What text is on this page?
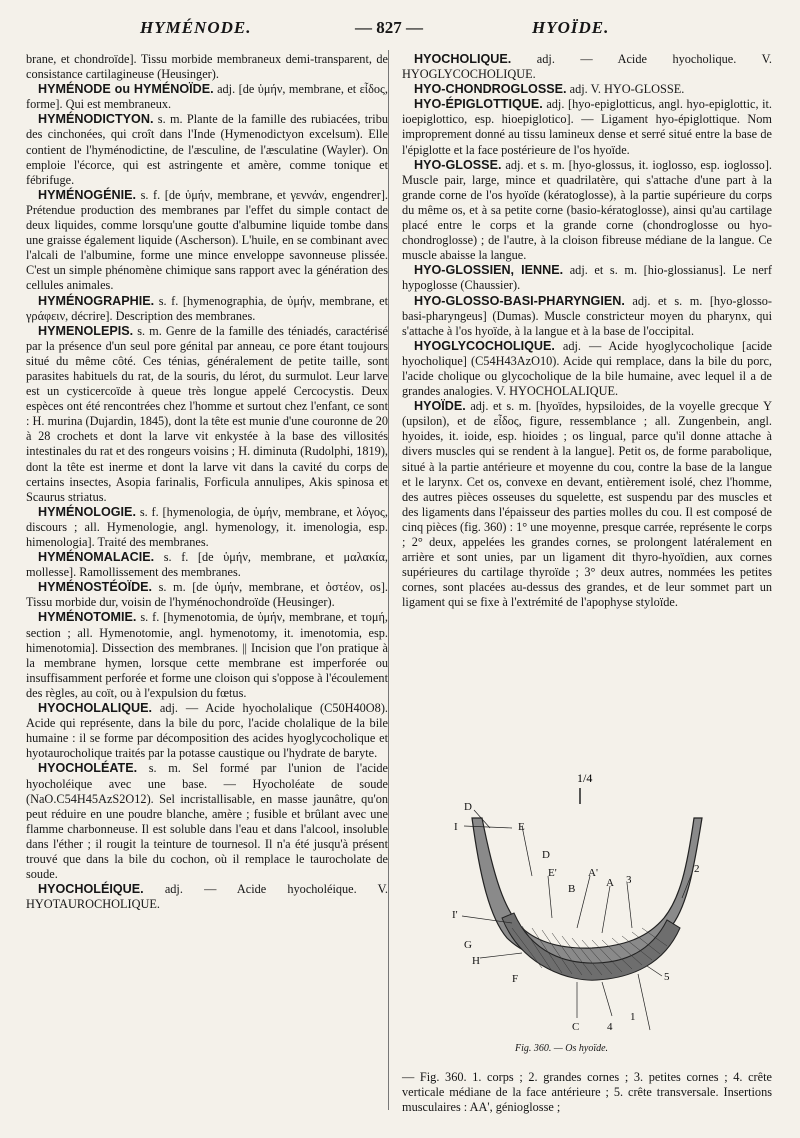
HYMÉNODE.	— 827 —	HYOÏDE.

brane, et chondroïde]. Tissu morbide membraneux demi-transparent, de consistance cartilagineuse (Heusinger).

HYMÉNODE ou HYMÉNOÏDE. adj. [de ὑμήν, membrane, et εἶδος, forme]. Qui est membraneux.

HYMÉNODICTYON. s. m. Plante de la famille des rubiacées, tribu des cinchonées, qui croît dans l'Inde (Hymenodictyon excelsum). Elle contient de l'hyménodictine, de l'æsculine, de l'æsculatine (Wayler). On emploie l'écorce, qui est astringente et amère, comme tonique et fébrifuge.

HYMÉNOGÉNIE. s. f. [de ὑμήν, membrane, et γεννάν, engendrer]. Prétendue production des membranes par l'effet du simple contact de deux liquides, comme lorsqu'une goutte d'albumine liquide tombe dans une graisse également liquide (Ascherson). L'huile, en se combinant avec l'alcali de l'albumine, forme une mince enveloppe savonneuse plissée. C'est un simple phénomène chimique sans rapport avec la génération des cellules animales.

HYMÉNOGRAPHIE. s. f. [hymenographia, de ὑμήν, membrane, et γράφειν, décrire]. Description des membranes.

HYMENOLEPIS. s. m. Genre de la famille des téniadés, caractérisé par la présence d'un seul pore génital par anneau, ce pore étant toujours situé du même côté. Ces ténias, généralement de petite taille, sont parasites habituels du rat, de la souris, du lérot, du surmulot. Leur larve est un cysticercoïde à queue très longue appelé Cercocystis. Deux espèces ont été rencontrées chez l'homme et surtout chez l'enfant, ce sont : H. murina (Dujardin, 1845), dont la tête est munie d'une couronne de 20 à 28 crochets et dont la larve vit enkystée à la base des villosités intestinales du rat et des rongeurs voisins ; H. diminuta (Rudolphi, 1819), dont la tête est inerme et dont la larve vit dans la cavité du corps de certains insectes, Asopia farinalis, Forficula annulipes, Akis spinosa et Scaurus striatus.

HYMÉNOLOGIE. s. f. [hymenologia, de ὑμήν, membrane, et λόγος, discours ; all. Hymenologie, angl. hymenology, it. imenologia, esp. himenologia]. Traité des membranes.

HYMÉNOMALACIE. s. f. [de ὑμήν, membrane, et μαλακία, mollesse]. Ramollissement des membranes.

HYMÉNOSTÉOÏDE. s. m. [de ὑμήν, membrane, et ὀστέον, os]. Tissu morbide dur, voisin de l'hyménochondroïde (Heusinger).

HYMÉNOTOMIE. s. f. [hymenotomia, de ὑμήν, membrane, et τομή, section ; all. Hymenotomie, angl. hymenotomy, it. imenotomia, esp. himenotomia]. Dissection des membranes. || Incision que l'on pratique à la membrane hymen, lorsque cette membrane est imperforée ou insuffisamment perforée et forme une cloison qui s'oppose à l'écoulement des règles, au coït, ou à l'expulsion du fœtus.

HYOCHOLALIQUE. adj. — Acide hyocholalique (C50H40O8). Acide qui représente, dans la bile du porc, l'acide cholalique de la bile humaine : il se forme par décomposition des acides hyoglycocholique et hyotaurocholique traités par la potasse caustique ou l'hydrate de baryte.

HYOCHOLÉATE. s. m. Sel formé par l'union de l'acide hyocholéique avec une base. — Hyocholéate de soude (NaO.C54H45AzS2O12). Sel incristallisable, en masse jaunâtre, qu'on peut réduire en une poudre blanche, amère ; fusible et brûlant avec une flamme charbonneuse. Il est soluble dans l'eau et dans l'alcool, insoluble dans l'éther ; il rougit la teinture de tournesol. Il n'a été jusqu'à présent trouvé que dans la bile du cochon, où il remplace le taurocholate de soude.

HYOCHOLÉIQUE. adj. — Acide hyocholéique. V. HYOTAUROCHOLIQUE.

HYOCHOLIQUE. adj. — Acide hyocholique. V. HYOGLYCOCHOLIQUE.

HYO-CHONDROGLOSSE. adj. V. HYO-GLOSSE.

HYO-ÉPIGLOTTIQUE. adj. [hyo-epiglotticus, angl. hyo-epiglottic, it. ioepiglottico, esp. hioepiglotico]. — Ligament hyo-épiglottique. Nom improprement donné au tissu lamineux dense et serré situé entre la base de l'épiglotte et la face postérieure de l'os hyoïde.

HYO-GLOSSE. adj. et s. m. [hyo-glossus, it. ioglosso, esp. ioglosso]. Muscle pair, large, mince et quadrilatère, qui s'attache d'une part à la grande corne de l'os hyoïde (kératoglosse), à la partie supérieure du corps du même os, et à sa petite corne (basio-kératoglosse), ainsi qu'au cartilage placé entre le corps et la grande corne (chondroglosse ou hyo-chondroglosse) ; de l'autre, à la cloison fibreuse médiane de la langue. Ce muscle abaisse la langue.

HYO-GLOSSIEN, IENNE. adj. et s. m. [hio-glossianus]. Le nerf hypoglosse (Chaussier).

HYO-GLOSSO-BASI-PHARYNGIEN. adj. et s. m. [hyo-glosso-basi-pharyngeus] (Dumas). Muscle constricteur moyen du pharynx, qui s'attache à l'os hyoïde, à la langue et à la base de l'occipital.

HYOGLYCOCHOLIQUE. adj. — Acide hyoglycocholique [acide hyocholique] (C54H43AzO10). Acide qui remplace, dans la bile du porc, l'acide cholique ou glycocholique de la bile humaine, avec lequel il a de grandes analogies. V. HYOCHOLALIQUE.

HYOÏDE. adj. et s. m. [hyoïdes, hypsiloides, de la voyelle grecque Υ (upsilon), et de εἶδος, figure, ressemblance ; all. Zungenbein, angl. hyoides, it. ioide, esp. hioides ; os lingual, parce qu'il donne attache à divers muscles qui se rendent à la langue]. Petit os, de forme parabolique, situé à la partie antérieure et moyenne du cou, contre la base de la langue et le larynx. Cet os, convexe en devant, entièrement isolé, chez l'homme, des autres pièces osseuses du squelette, est suspendu par des muscles et des ligaments dans l'épaisseur des parties molles du cou. Il est composé de cinq pièces (fig. 360) : 1° une moyenne, presque carrée, représente le corps ; 2° deux, appelées les grandes cornes, se prolongent latéralement en arrière et sont unies, par un ligament dit thyro-hyoïdien, aux cornes supérieures du cartilage thyroïde ; 3° deux autres, nommées les petites cornes, sont placées au-dessus des grandes, et de leur sommet part un ligament qui se fixe à l'extrémité de l'apophyse styloïde.

1/4
D
I	E
D
E'	A'
A
B
3
2
I'
G
H
F
C	4
1
5
Fig. 360. — Os hyoïde.
— Fig. 360. 1. corps ; 2. grandes cornes ; 3. petites cornes ; 4. crête verticale médiane de la face antérieure ; 5. crête transversale. Insertions musculaires : AA', génioglosse ;
